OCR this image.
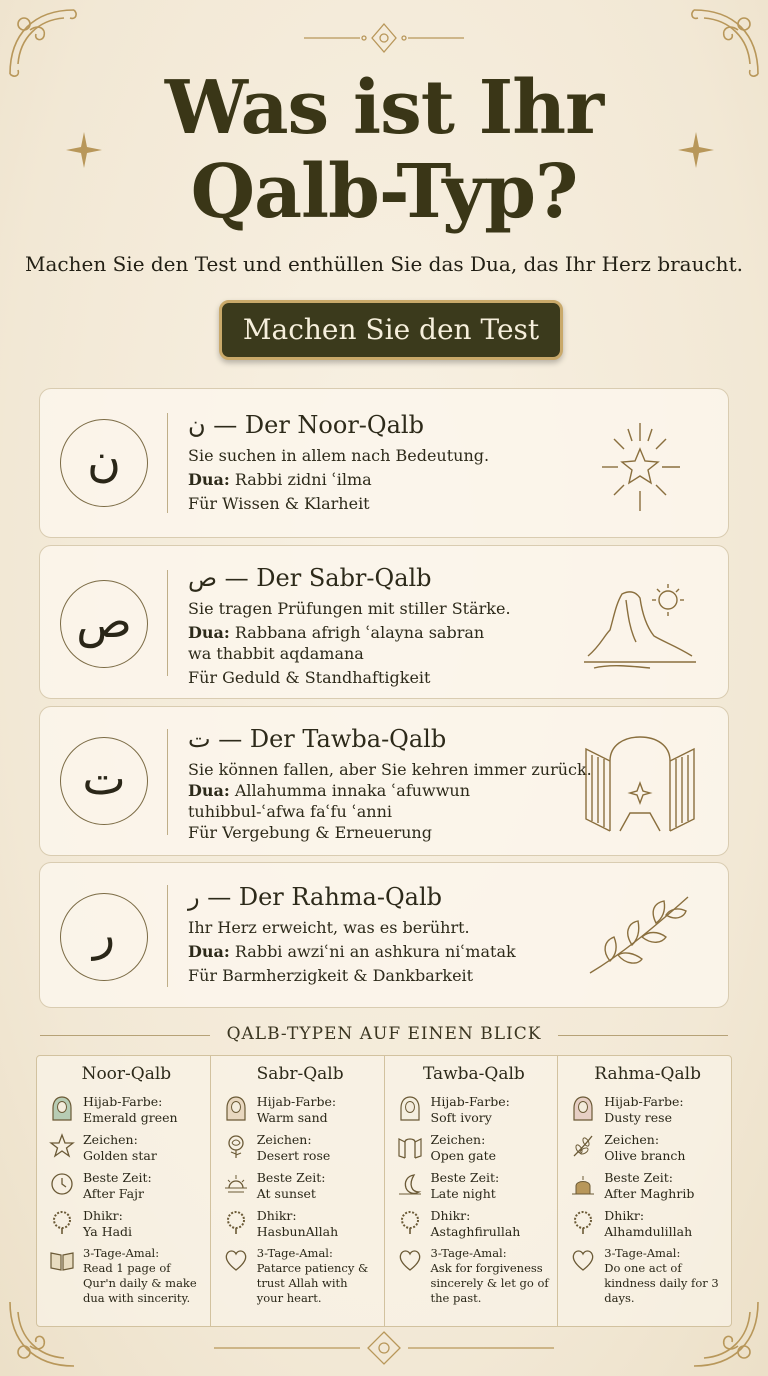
Was ist Ihr
Qalb-Typ?
Machen Sie den Test und enthüllen Sie das Dua, das Ihr Herz braucht.
Machen Sie den Test
ن
ن — Der Noor-Qalb
Sie suchen in allem nach Bedeutung.
Dua: Rabbi zidni ʿilma
Für Wissen & Klarheit
ص
ص — Der Sabr-Qalb
Sie tragen Prüfungen mit stiller Stärke.
Dua: Rabbana afrigh ʿalayna sabran wa thabbit aqdamana
Für Geduld & Standhaftigkeit
ت
ت — Der Tawba-Qalb
Sie können fallen, aber Sie kehren immer zurück.
Dua: Allahumma innaka ʿafuwwun tuhibbul-ʿafwa faʿfu ʿanni
Für Vergebung & Erneuerung
ر
ر — Der Rahma-Qalb
Ihr Herz erweicht, was es berührt.
Dua: Rabbi awziʿni an ashkura niʿmatak
Für Barmherzigkeit & Dankbarkeit
QALB-TYPEN AUF EINEN BLICK
Noor-Qalb
Hijab-Farbe:
Emerald green
Zeichen:
Golden star
Beste Zeit:
After Fajr
Dhikr:
Ya Hadi
3-Tage-Amal:
Read 1 page of Qur'n daily & make dua with sincerity.
Sabr-Qalb
Hijab-Farbe:
Warm sand
Zeichen:
Desert rose
Beste Zeit:
At sunset
Dhikr:
HasbunAllah
3-Tage-Amal:
Patarce patiency & trust Allah with your heart.
Tawba-Qalb
Hijab-Farbe:
Soft ivory
Zeichen:
Open gate
Beste Zeit:
Late night
Dhikr:
Astaghfirullah
3-Tage-Amal:
Ask for forgiveness sincerely & let go of the past.
Rahma-Qalb
Hijab-Farbe:
Dusty rese
Zeichen:
Olive branch
Beste Zeit:
After Maghrib
Dhikr:
Alhamdulillah
3-Tage-Amal:
Do one act of kindness daily for 3 days.
